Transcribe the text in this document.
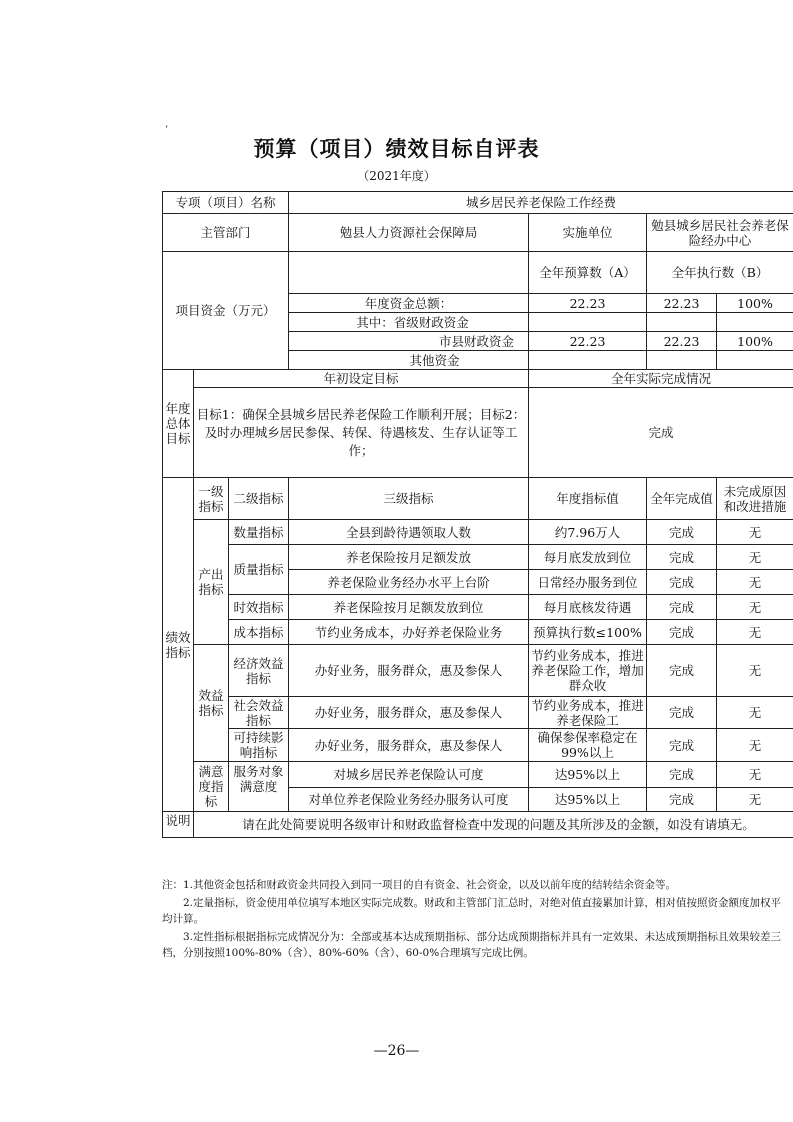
ʻ
预算（项目）绩效目标自评表
（2021年度）
专项（项目）名称			城乡居民养老保险工作经费			
主管部门			勉县人力资源社会保障局	实施单位	勉县城乡居民社会养老保险经办中心	
项目资金（万元）				全年预算数（A）	全年执行数（B）	
			年度资金总额：	22.23	22.23	100%
			其中：省级财政资金			
			市县财政资金	22.23	22.23	100%
			其他资金			
年度总体目标	年初设定目标			全年实际完成情况		
	目标1：确保全县城乡居民养老保险工作顺利开展；目标2：及时办理城乡居民参保、转保、待遇核发、生存认证等工作；			完成		
绩效指标	一级指标	二级指标	三级指标	年度指标值	全年完成值	未完成原因和改进措施
	产出指标	数量指标	全县到龄待遇领取人数	约7.96万人	完成	无
		质量指标	养老保险按月足额发放	每月底发放到位	完成	无
			养老保险业务经办水平上台阶	日常经办服务到位	完成	无

		时效指标	养老保险按月足额发放到位	每月底核发待遇	完成	无

		成本指标	节约业务成本，办好养老保险业务	预算执行数≤100%	完成	无
	效益指标	经济效益指标	办好业务，服务群众，惠及参保人	节约业务成本，推进养老保险工作，增加群众收	完成	无

		社会效益指标	办好业务，服务群众，惠及参保人	节约业务成本，推进养老保险工	完成	无
		可持续影响指标	办好业务，服务群众，惠及参保人	确保参保率稳定在99%以上	完成	无
	满意度指标	服务对象满意度	对城乡居民养老保险认可度	达95%以上	完成	无
			对单位养老保险业务经办服务认可度	达95%以上	完成	无

说明	请在此处简要说明各级审计和财政监督检查中发现的问题及其所涉及的金额，如没有请填无。					

注：1.其他资金包括和财政资金共同投入到同一项目的自有资金、社会资金，以及以前年度的结转结余资金等。

2.定量指标，资金使用单位填写本地区实际完成数。财政和主管部门汇总时，对绝对值直接累加计算，相对值按照资金额度加权平均计算。

3.定性指标根据指标完成情况分为：全部或基本达成预期指标、部分达成预期指标并具有一定效果、未达成预期指标且效果较差三档，分别按照100%-80%（含）、80%-60%（含）、60-0%合理填写完成比例。

—26—
